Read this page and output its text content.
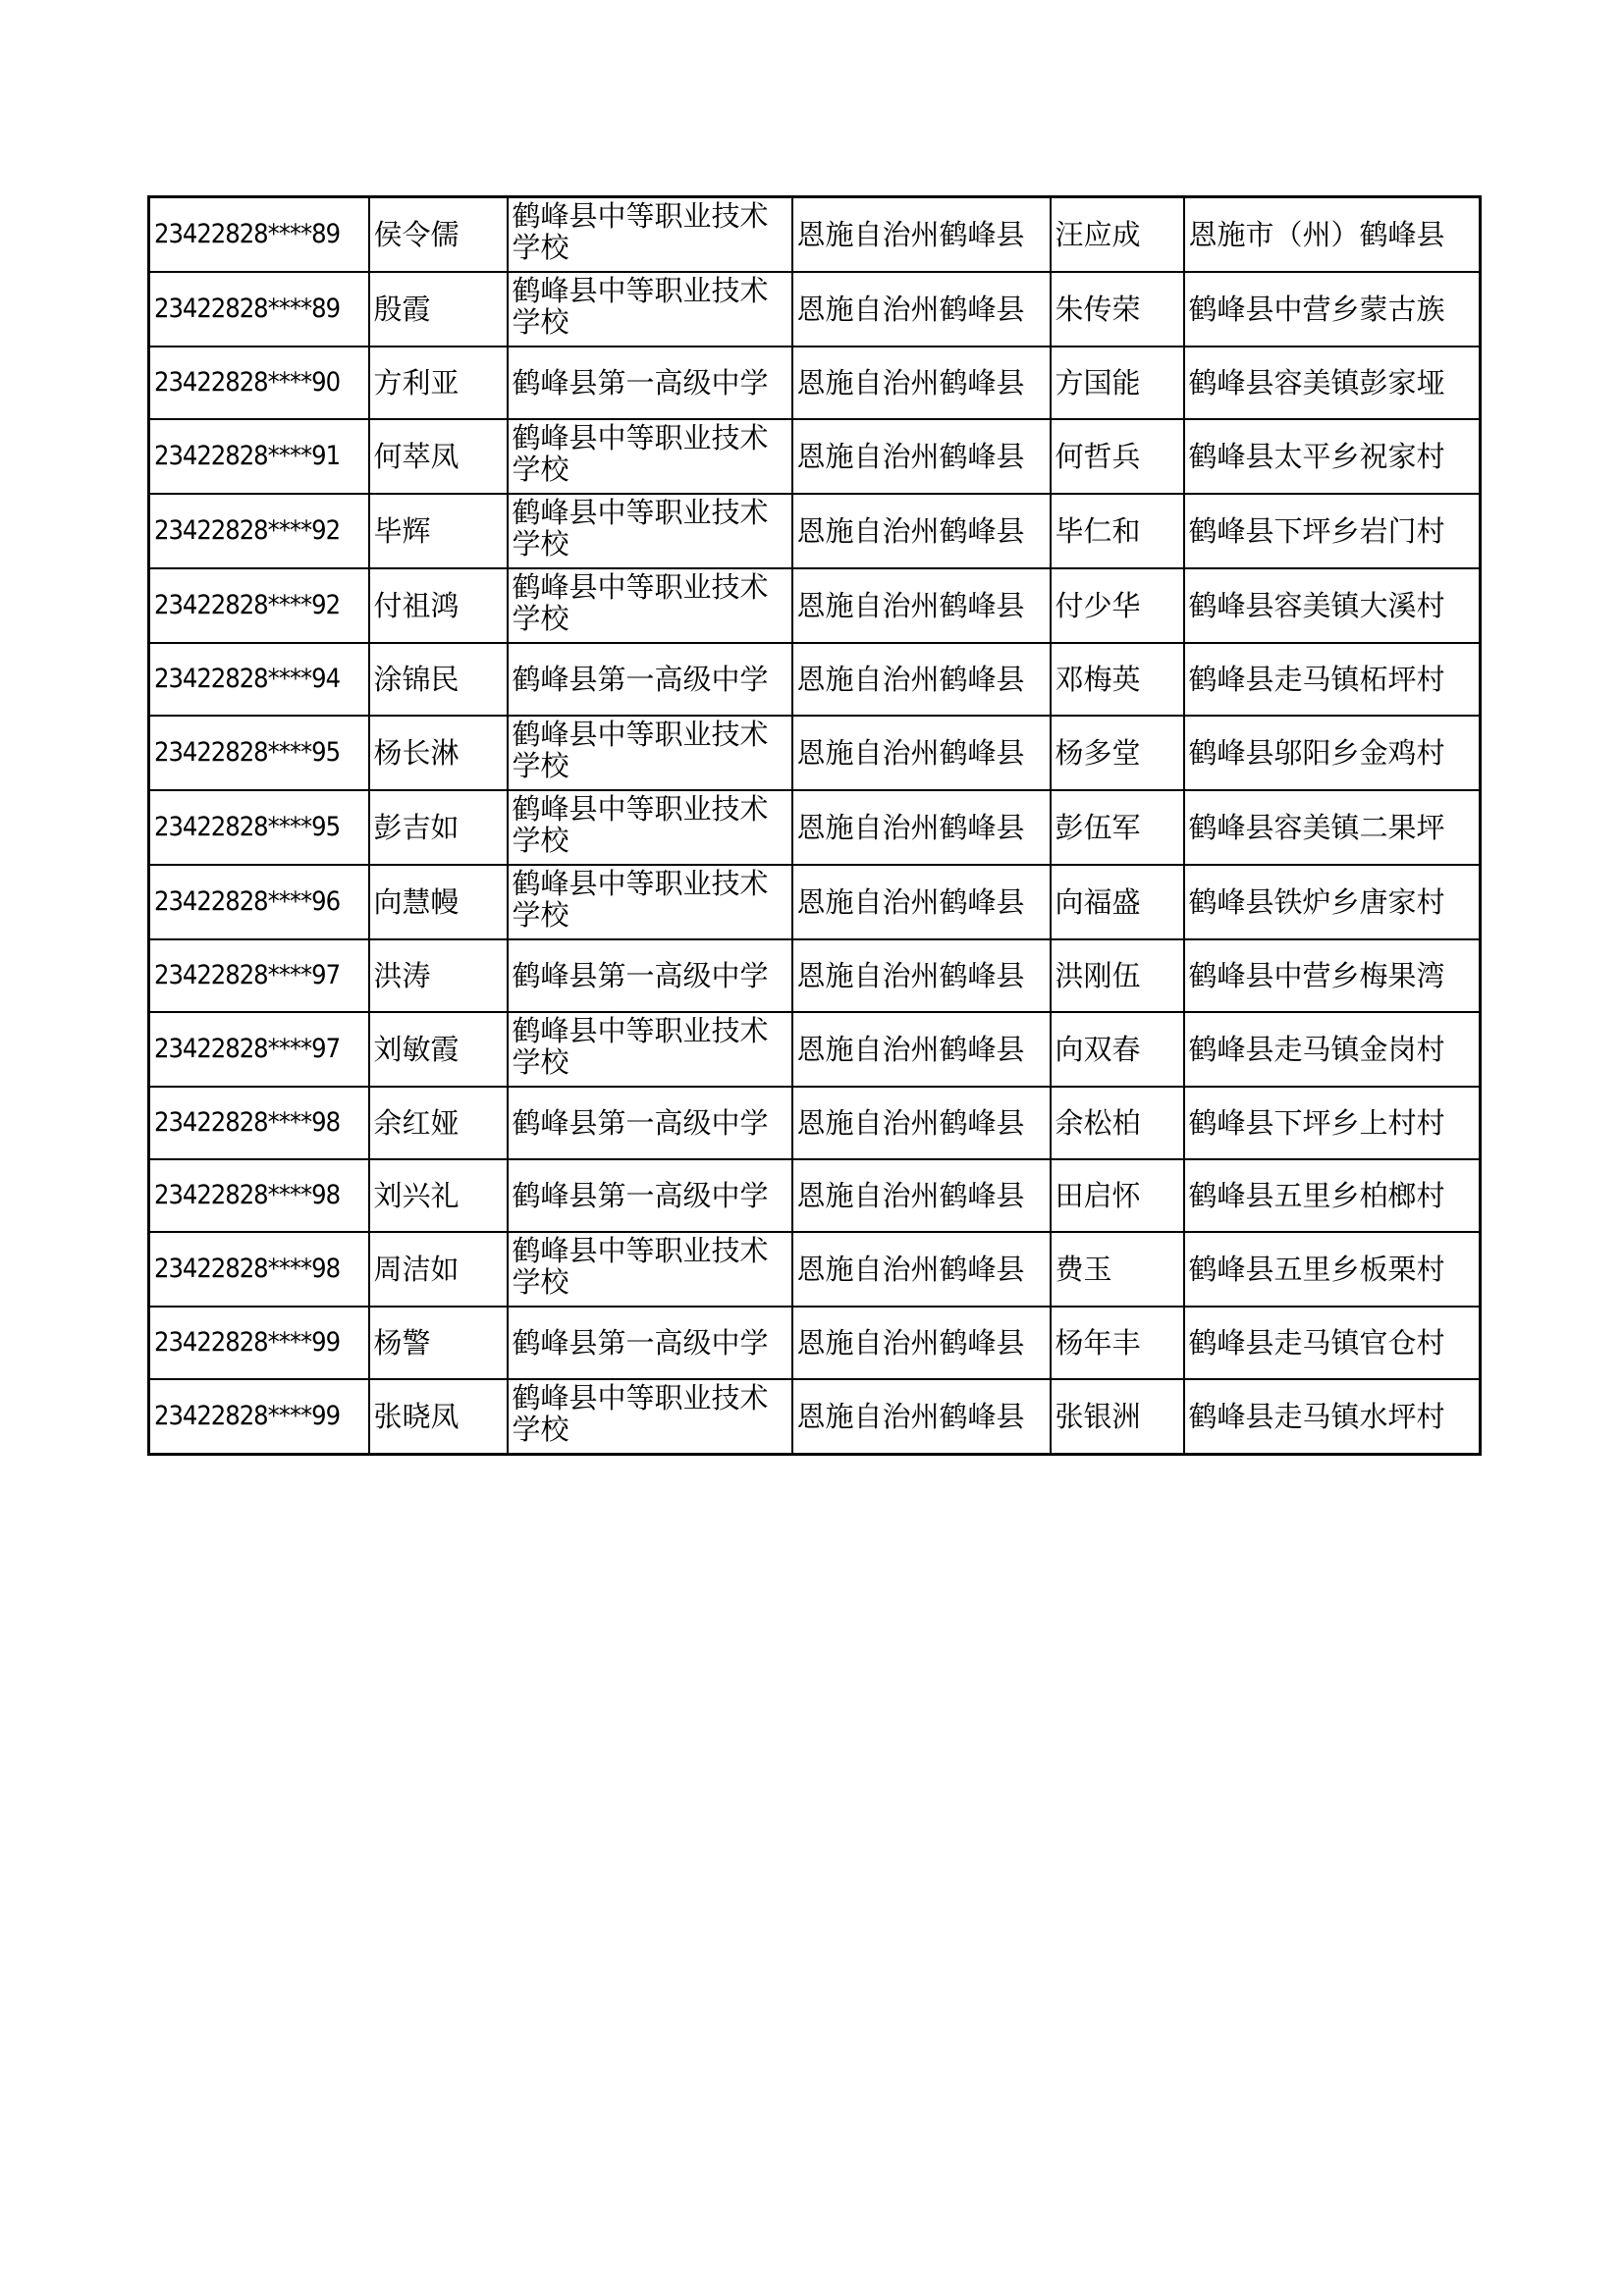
23422828****89	侯令儒	鹤峰县中等职业技术学校	恩施自治州鹤峰县	汪应成	恩施市（州）鹤峰县
23422828****89	殷霞	鹤峰县中等职业技术学校	恩施自治州鹤峰县	朱传荣	鹤峰县中营乡蒙古族
23422828****90	方利亚	鹤峰县第一高级中学	恩施自治州鹤峰县	方国能	鹤峰县容美镇彭家垭
23422828****91	何萃凤	鹤峰县中等职业技术学校	恩施自治州鹤峰县	何哲兵	鹤峰县太平乡祝家村
23422828****92	毕辉	鹤峰县中等职业技术学校	恩施自治州鹤峰县	毕仁和	鹤峰县下坪乡岩门村
23422828****92	付祖鸿	鹤峰县中等职业技术学校	恩施自治州鹤峰县	付少华	鹤峰县容美镇大溪村
23422828****94	涂锦民	鹤峰县第一高级中学	恩施自治州鹤峰县	邓梅英	鹤峰县走马镇柘坪村
23422828****95	杨长淋	鹤峰县中等职业技术学校	恩施自治州鹤峰县	杨多堂	鹤峰县邬阳乡金鸡村
23422828****95	彭吉如	鹤峰县中等职业技术学校	恩施自治州鹤峰县	彭伍军	鹤峰县容美镇二果坪
23422828****96	向慧幔	鹤峰县中等职业技术学校	恩施自治州鹤峰县	向福盛	鹤峰县铁炉乡唐家村
23422828****97	洪涛	鹤峰县第一高级中学	恩施自治州鹤峰县	洪刚伍	鹤峰县中营乡梅果湾
23422828****97	刘敏霞	鹤峰县中等职业技术学校	恩施自治州鹤峰县	向双春	鹤峰县走马镇金岗村
23422828****98	余红娅	鹤峰县第一高级中学	恩施自治州鹤峰县	余松柏	鹤峰县下坪乡上村村
23422828****98	刘兴礼	鹤峰县第一高级中学	恩施自治州鹤峰县	田启怀	鹤峰县五里乡柏榔村
23422828****98	周洁如	鹤峰县中等职业技术学校	恩施自治州鹤峰县	费玉	鹤峰县五里乡板栗村
23422828****99	杨警	鹤峰县第一高级中学	恩施自治州鹤峰县	杨年丰	鹤峰县走马镇官仓村
23422828****99	张晓凤	鹤峰县中等职业技术学校	恩施自治州鹤峰县	张银洲	鹤峰县走马镇水坪村
